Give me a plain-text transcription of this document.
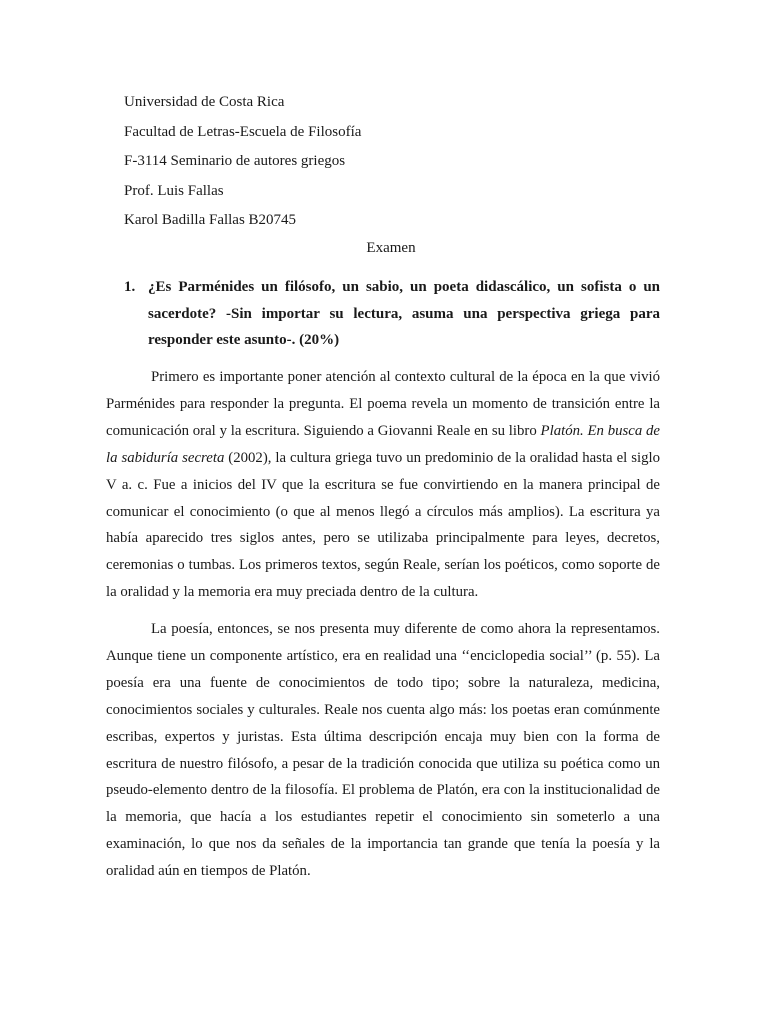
Universidad de Costa Rica
Facultad de Letras-Escuela de Filosofía
F-3114 Seminario de autores griegos
Prof. Luis Fallas
Karol Badilla Fallas B20745
Examen
1. ¿Es Parménides un filósofo, un sabio, un poeta didascálico, un sofista o un sacerdote? -Sin importar su lectura, asuma una perspectiva griega para responder este asunto-. (20%)

Primero es importante poner atención al contexto cultural de la época en la que vivió Parménides para responder la pregunta. El poema revela un momento de transición entre la comunicación oral y la escritura. Siguiendo a Giovanni Reale en su libro Platón. En busca de la sabiduría secreta (2002), la cultura griega tuvo un predominio de la oralidad hasta el siglo V a. c. Fue a inicios del IV que la escritura se fue convirtiendo en la manera principal de comunicar el conocimiento (o que al menos llegó a círculos más amplios). La escritura ya había aparecido tres siglos antes, pero se utilizaba principalmente para leyes, decretos, ceremonias o tumbas. Los primeros textos, según Reale, serían los poéticos, como soporte de la oralidad y la memoria era muy preciada dentro de la cultura.

La poesía, entonces, se nos presenta muy diferente de como ahora la representamos. Aunque tiene un componente artístico, era en realidad una ‘‘enciclopedia social’’ (p. 55). La poesía era una fuente de conocimientos de todo tipo; sobre la naturaleza, medicina, conocimientos sociales y culturales. Reale nos cuenta algo más: los poetas eran comúnmente escribas, expertos y juristas. Esta última descripción encaja muy bien con la forma de escritura de nuestro filósofo, a pesar de la tradición conocida que utiliza su poética como un pseudo-elemento dentro de la filosofía. El problema de Platón, era con la institucionalidad de la memoria, que hacía a los estudiantes repetir el conocimiento sin someterlo a una examinación, lo que nos da señales de la importancia tan grande que tenía la poesía y la oralidad aún en tiempos de Platón.
